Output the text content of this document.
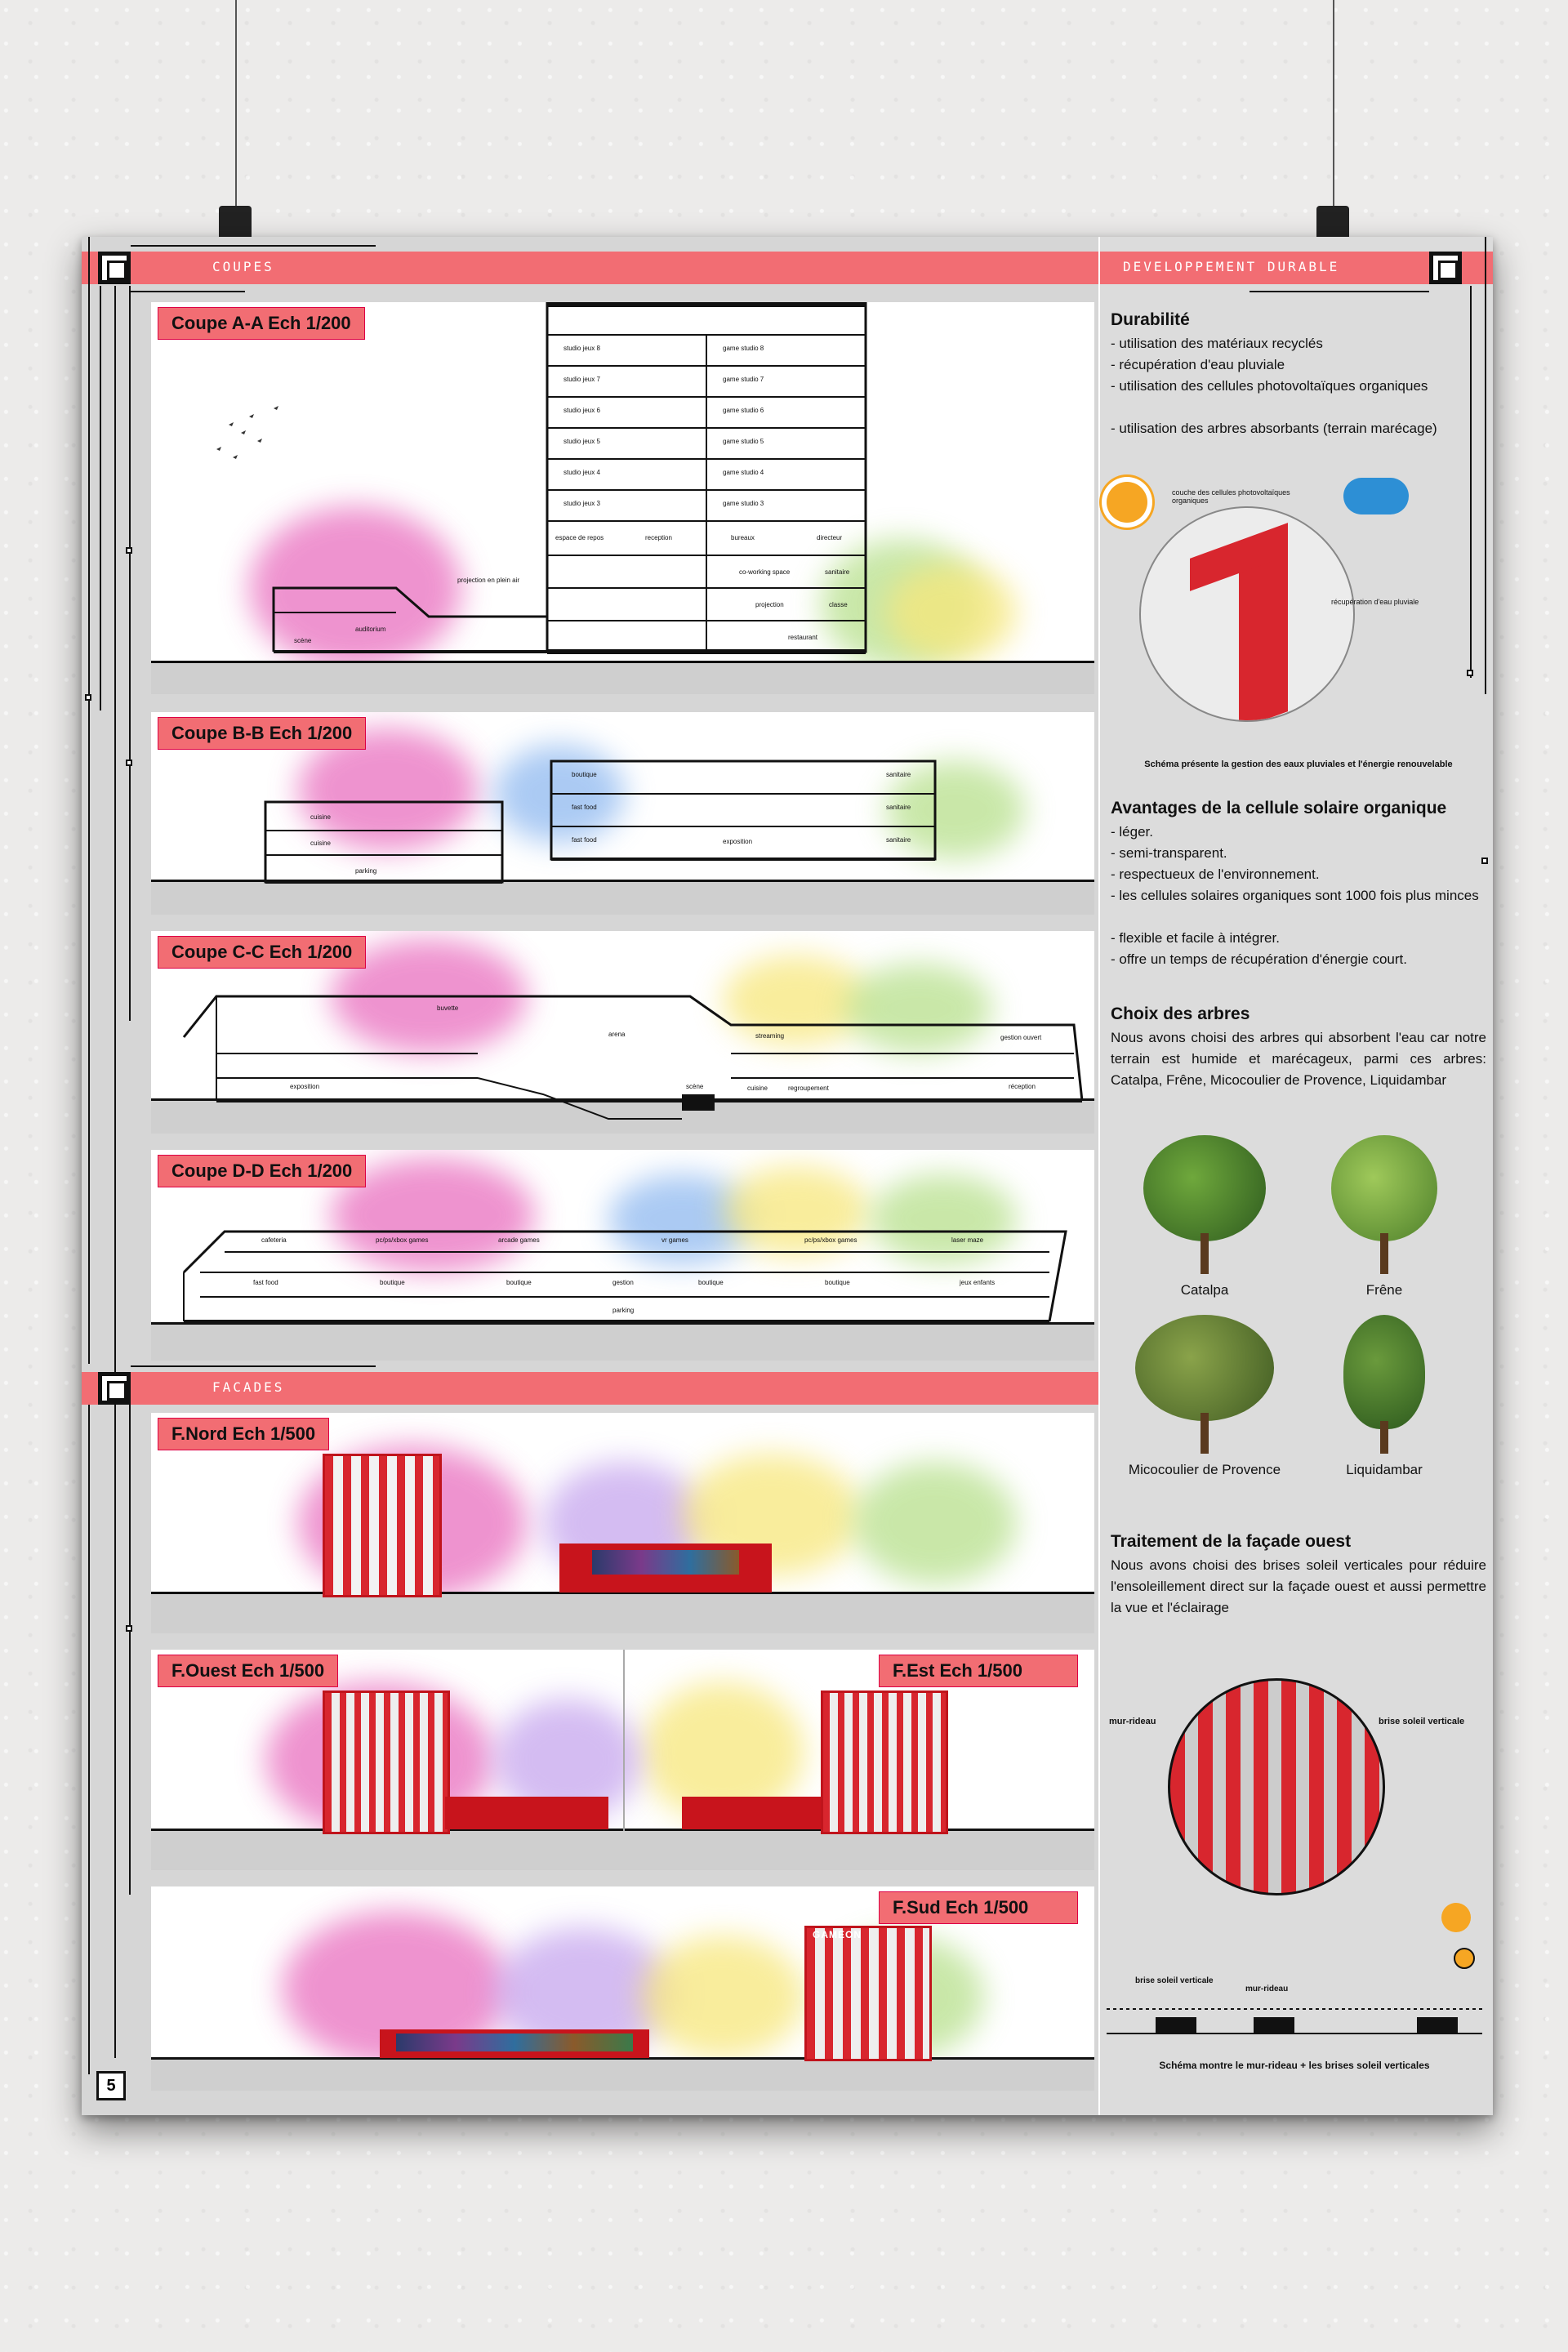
COUPES	DEVELOPPEMENT DURABLE
FACADES
5
studio jeux 8
studio jeux 7
studio jeux 6
studio jeux 5
studio jeux 4
studio jeux 3
game studio 8
game studio 7
game studio 6
game studio 5
game studio 4
game studio 3
espace de repos	reception	bureaux	directeur
co-working space	sanitaire
projection en plein air
auditorium
scène
projection	classe
restaurant
Coupe A-A Ech 1/200
cuisine
cuisine
parking
boutique	sanitaire
fast food	sanitaire
fast food	exposition	sanitaire
Coupe B-B Ech 1/200
buvette
arena
exposition	scène
streaming
cuisine	regroupement
gestion ouvert
réception
Coupe C-C Ech 1/200
cafeteria	pc/ps/xbox games	arcade games	vr games	pc/ps/xbox games	laser maze
fast food	boutique	boutique	gestion	boutique	boutique	jeux enfants
parking
Coupe D-D Ech 1/200
F.Nord Ech 1/500
F.Ouest Ech 1/500	F.Est Ech 1/500
GAMEON
F.Sud Ech 1/500
Durabilité
- utilisation des matériaux recyclés
- récupération d'eau pluviale
- utilisation des cellules photovoltaïques organiques
- utilisation des arbres absorbants (terrain marécage)
couche des cellules photovoltaïques organiques
récupération d'eau pluviale
Schéma présente la gestion des eaux pluviales et l'énergie renouvelable
Avantages de la cellule solaire organique
- léger.
- semi-transparent.
- respectueux de l'environnement.
- les cellules solaires organiques sont 1000 fois plus minces
- flexible et facile à intégrer.
- offre un temps de récupération d'énergie court.
Choix des arbres
Nous avons choisi des arbres qui absorbent l'eau car notre terrain est humide et marécageux, parmi ces arbres: Catalpa, Frêne, Micocoulier de Provence, Liquidambar
Catalpa	Frêne
Micocoulier de Provence	Liquidambar
Traitement de la façade ouest
Nous avons choisi des brises soleil verticales pour réduire l'ensoleillement direct sur la façade ouest et aussi permettre la vue et l'éclairage
mur-rideau	brise soleil verticale
brise soleil verticale
mur-rideau
Schéma montre le mur-rideau + les brises soleil verticales
